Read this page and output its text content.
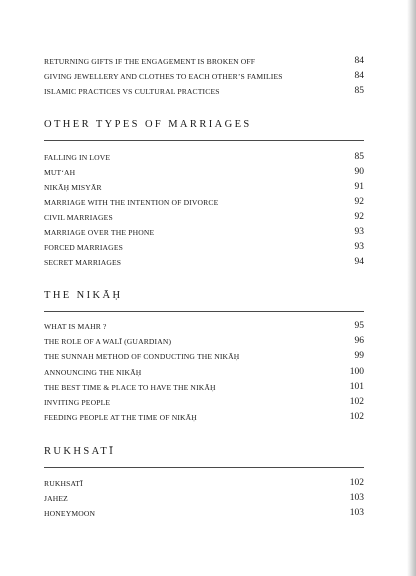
RETURNING GIFTS IF THE ENGAGEMENT IS BROKEN OFF	84
GIVING JEWELLERY AND CLOTHES TO EACH OTHER’S FAMILIES	84
ISLAMIC PRACTICES VS CULTURAL PRACTICES	85
OTHER TYPES OF MARRIAGES
FALLING IN LOVE	85
MUT‘AH	90
NIKĀḤ MISYĀR	91
MARRIAGE WITH THE INTENTION OF DIVORCE	92
CIVIL MARRIAGES	92
MARRIAGE OVER THE PHONE	93
FORCED MARRIAGES	93
SECRET MARRIAGES	94
THE NIKĀḤ
WHAT IS MAHR ?	95
THE ROLE OF A WALĪ (GUARDIAN)	96
THE SUNNAH METHOD OF CONDUCTING THE NIKĀḤ	99
ANNOUNCING THE NIKĀḤ	100
THE BEST TIME & PLACE TO HAVE THE NIKĀḤ	101
INVITING PEOPLE	102
FEEDING PEOPLE AT THE TIME OF NIKĀḤ	102
RUKHSATĪ
RUKHSATĪ	102
JAHEZ	103
HONEYMOON	103
